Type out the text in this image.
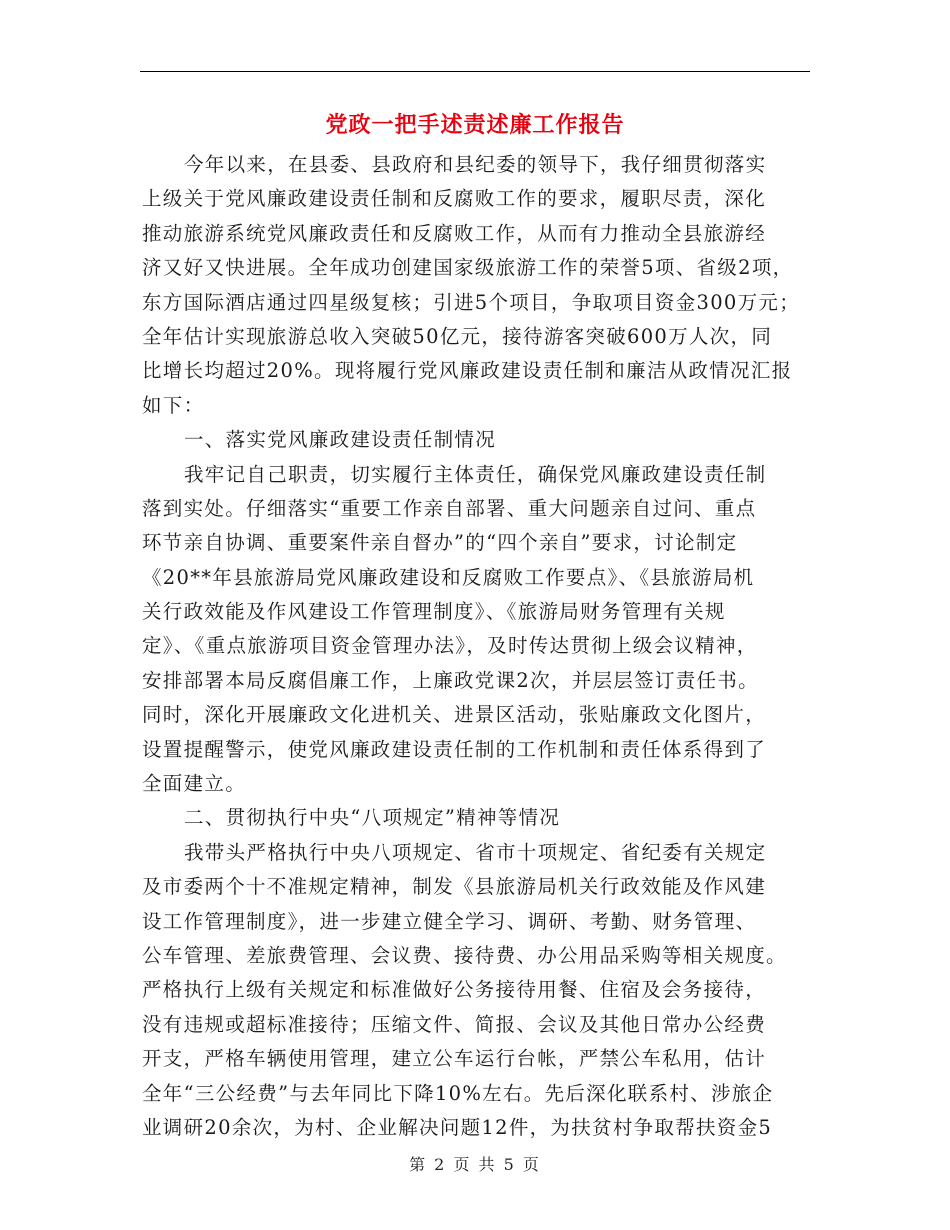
党政一把手述责述廉工作报告
今年以来，在县委、县政府和县纪委的领导下，我仔细贯彻落实
上级关于党风廉政建设责任制和反腐败工作的要求，履职尽责，深化
推动旅游系统党风廉政责任和反腐败工作，从而有力推动全县旅游经
济又好又快进展。全年成功创建国家级旅游工作的荣誉5项、省级2项，
东方国际酒店通过四星级复核；引进5个项目，争取项目资金300万元；
全年估计实现旅游总收入突破50亿元，接待游客突破600万人次，同
比增长均超过20%。现将履行党风廉政建设责任制和廉洁从政情况汇报
如下：
一、落实党风廉政建设责任制情况
我牢记自己职责，切实履行主体责任，确保党风廉政建设责任制
落到实处。仔细落实“重要工作亲自部署、重大问题亲自过问、重点
环节亲自协调、重要案件亲自督办”的“四个亲自”要求，讨论制定
《20**年县旅游局党风廉政建设和反腐败工作要点》、《县旅游局机
关行政效能及作风建设工作管理制度》、《旅游局财务管理有关规
定》、《重点旅游项目资金管理办法》，及时传达贯彻上级会议精神，
安排部署本局反腐倡廉工作，上廉政党课2次，并层层签订责任书。
同时，深化开展廉政文化进机关、进景区活动，张贴廉政文化图片，
设置提醒警示，使党风廉政建设责任制的工作机制和责任体系得到了
全面建立。
二、贯彻执行中央“八项规定”精神等情况
我带头严格执行中央八项规定、省市十项规定、省纪委有关规定
及市委两个十不准规定精神，制发《县旅游局机关行政效能及作风建
设工作管理制度》，进一步建立健全学习、调研、考勤、财务管理、
公车管理、差旅费管理、会议费、接待费、办公用品采购等相关规度。
严格执行上级有关规定和标准做好公务接待用餐、住宿及会务接待，
没有违规或超标准接待；压缩文件、简报、会议及其他日常办公经费
开支，严格车辆使用管理，建立公车运行台帐，严禁公车私用，估计
全年“三公经费”与去年同比下降10%左右。先后深化联系村、涉旅企
业调研20余次，为村、企业解决问题12件，为扶贫村争取帮扶资金5
第 2 页 共 5 页
